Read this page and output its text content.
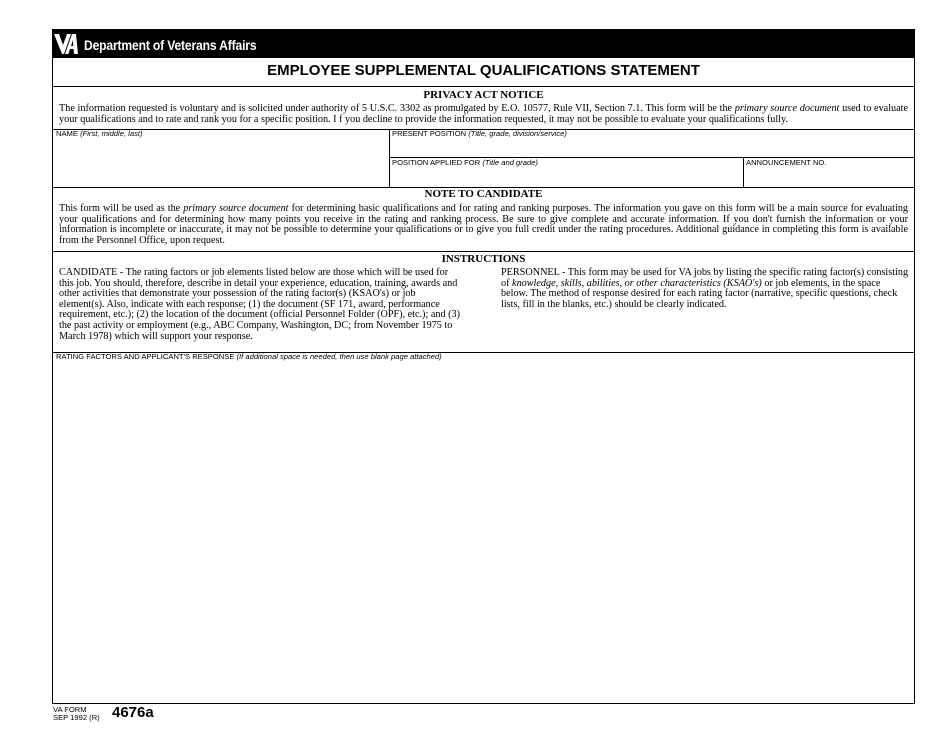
Department of Veterans Affairs
EMPLOYEE SUPPLEMENTAL QUALIFICATIONS STATEMENT
PRIVACY ACT NOTICE
The information requested is voluntary and is solicited under authority of 5 U.S.C. 3302 as promulgated by E.O. 10577, Rule VII, Section 7.1. This form will be the primary source document used to evaluate your qualifications and to rate and rank you for a specific position. I f you decline to provide the information requested, it may not be possible to evaluate your qualifications fully.
NAME (First, middle, last)	PRESENT POSITION (Title, grade, division/service)
POSITION APPLIED FOR (Title and grade)	ANNOUNCEMENT NO.
NOTE TO CANDIDATE
This form will be used as the primary source document for determining basic qualifications and for rating and ranking purposes. The information you gave on this form will be a main source for evaluating your qualifications and for determining how many points you receive in the rating and ranking process. Be sure to give complete and accurate information. If you don't furnish the information or your information is incomplete or inaccurate, it may not be possible to determine your qualifications or to give you full credit under the rating procedures. Additional guidance in completing this form is available from the Personnel Office, upon request.
INSTRUCTIONS
CANDIDATE - The rating factors or job elements listed below are those which will be used for this job. You should, therefore, describe in detail your experience, education, training, awards and other activities that demonstrate your possession of the rating factor(s) (KSAO's) or job element(s). Also, indicate with each response; (1) the document (SF 171, award, performance requirement, etc.); (2) the location of the document (official Personnel Folder (OPF), etc.); and (3) the past activity or employment (e.g., ABC Company, Washington, DC; from November 1975 to March 1978) which will support your response.
PERSONNEL - This form may be used for VA jobs by listing the specific rating factor(s) consisting of knowledge, skills, abilities, or other characteristics (KSAO's) or job elements, in the space below. The method of response desired for each rating factor (narrative, specific questions, check lists, fill in the blanks, etc.) should be clearly indicated.
RATING FACTORS AND APPLICANT'S RESPONSE (If additional space is needed, then use blank page attached)
VA FORM
SEP 1992 (R) 4676a
